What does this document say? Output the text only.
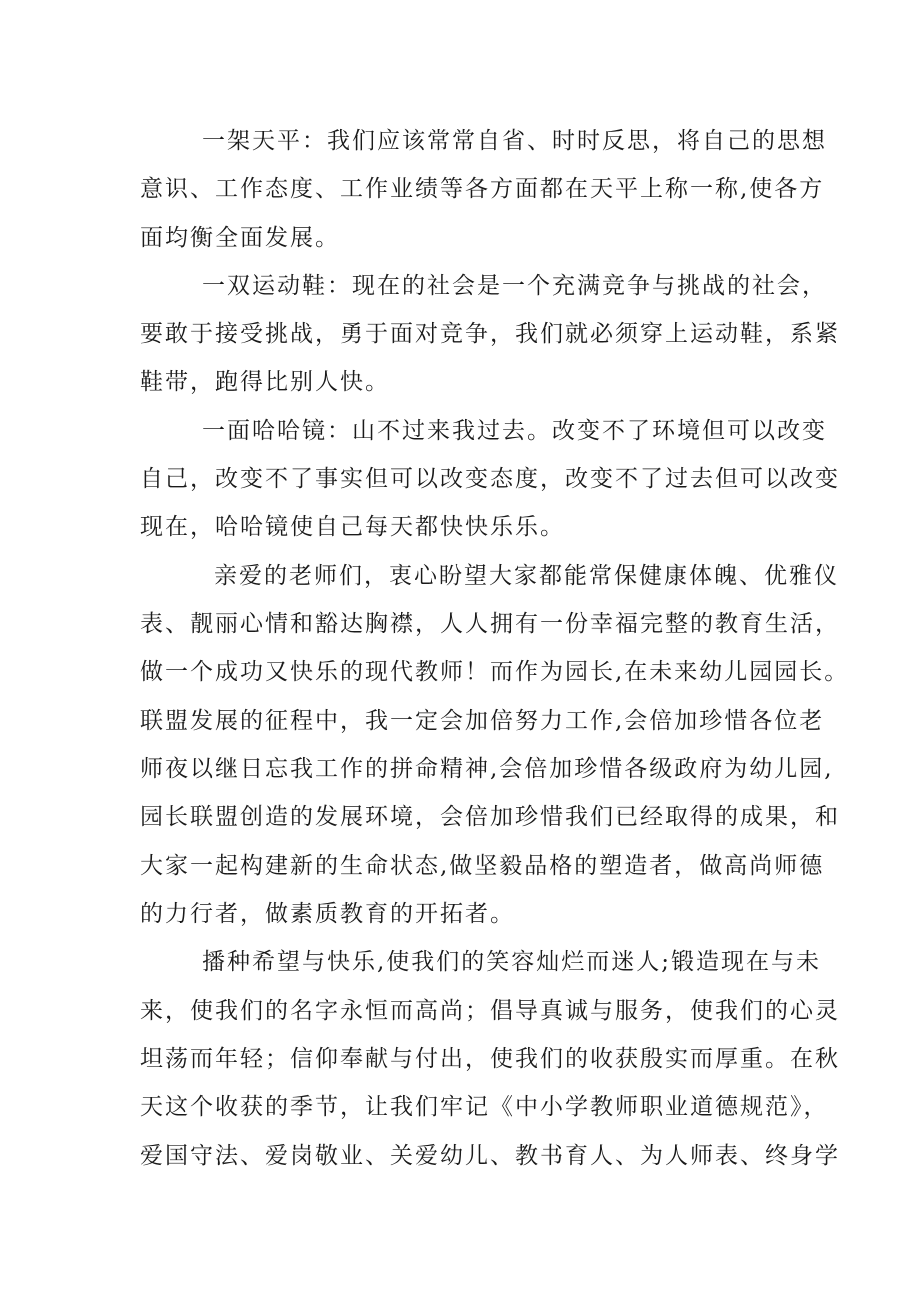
一架天平：我们应该常常自省、时时反思，将自己的思想
意识、工作态度、工作业绩等各方面都在天平上称一称,使各方
面均衡全面发展。
一双运动鞋：现在的社会是一个充满竞争与挑战的社会，
要敢于接受挑战，勇于面对竞争，我们就必须穿上运动鞋，系紧
鞋带，跑得比别人快。
一面哈哈镜：山不过来我过去。改变不了环境但可以改变
自己，改变不了事实但可以改变态度，改变不了过去但可以改变
现在，哈哈镜使自己每天都快快乐乐。
亲爱的老师们，衷心盼望大家都能常保健康体魄、优雅仪
表、靓丽心情和豁达胸襟，人人拥有一份幸福完整的教育生活，
做一个成功又快乐的现代教师！而作为园长,在未来幼儿园园长。
联盟发展的征程中，我一定会加倍努力工作,会倍加珍惜各位老
师夜以继日忘我工作的拼命精神,会倍加珍惜各级政府为幼儿园,
园长联盟创造的发展环境，会倍加珍惜我们已经取得的成果，和
大家一起构建新的生命状态,做坚毅品格的塑造者，做高尚师德
的力行者，做素质教育的开拓者。
播种希望与快乐,使我们的笑容灿烂而迷人;锻造现在与未
来，使我们的名字永恒而高尚；倡导真诚与服务，使我们的心灵
坦荡而年轻；信仰奉献与付出，使我们的收获殷实而厚重。在秋
天这个收获的季节，让我们牢记《中小学教师职业道德规范》，
爱国守法、爱岗敬业、关爱幼儿、教书育人、为人师表、终身学
